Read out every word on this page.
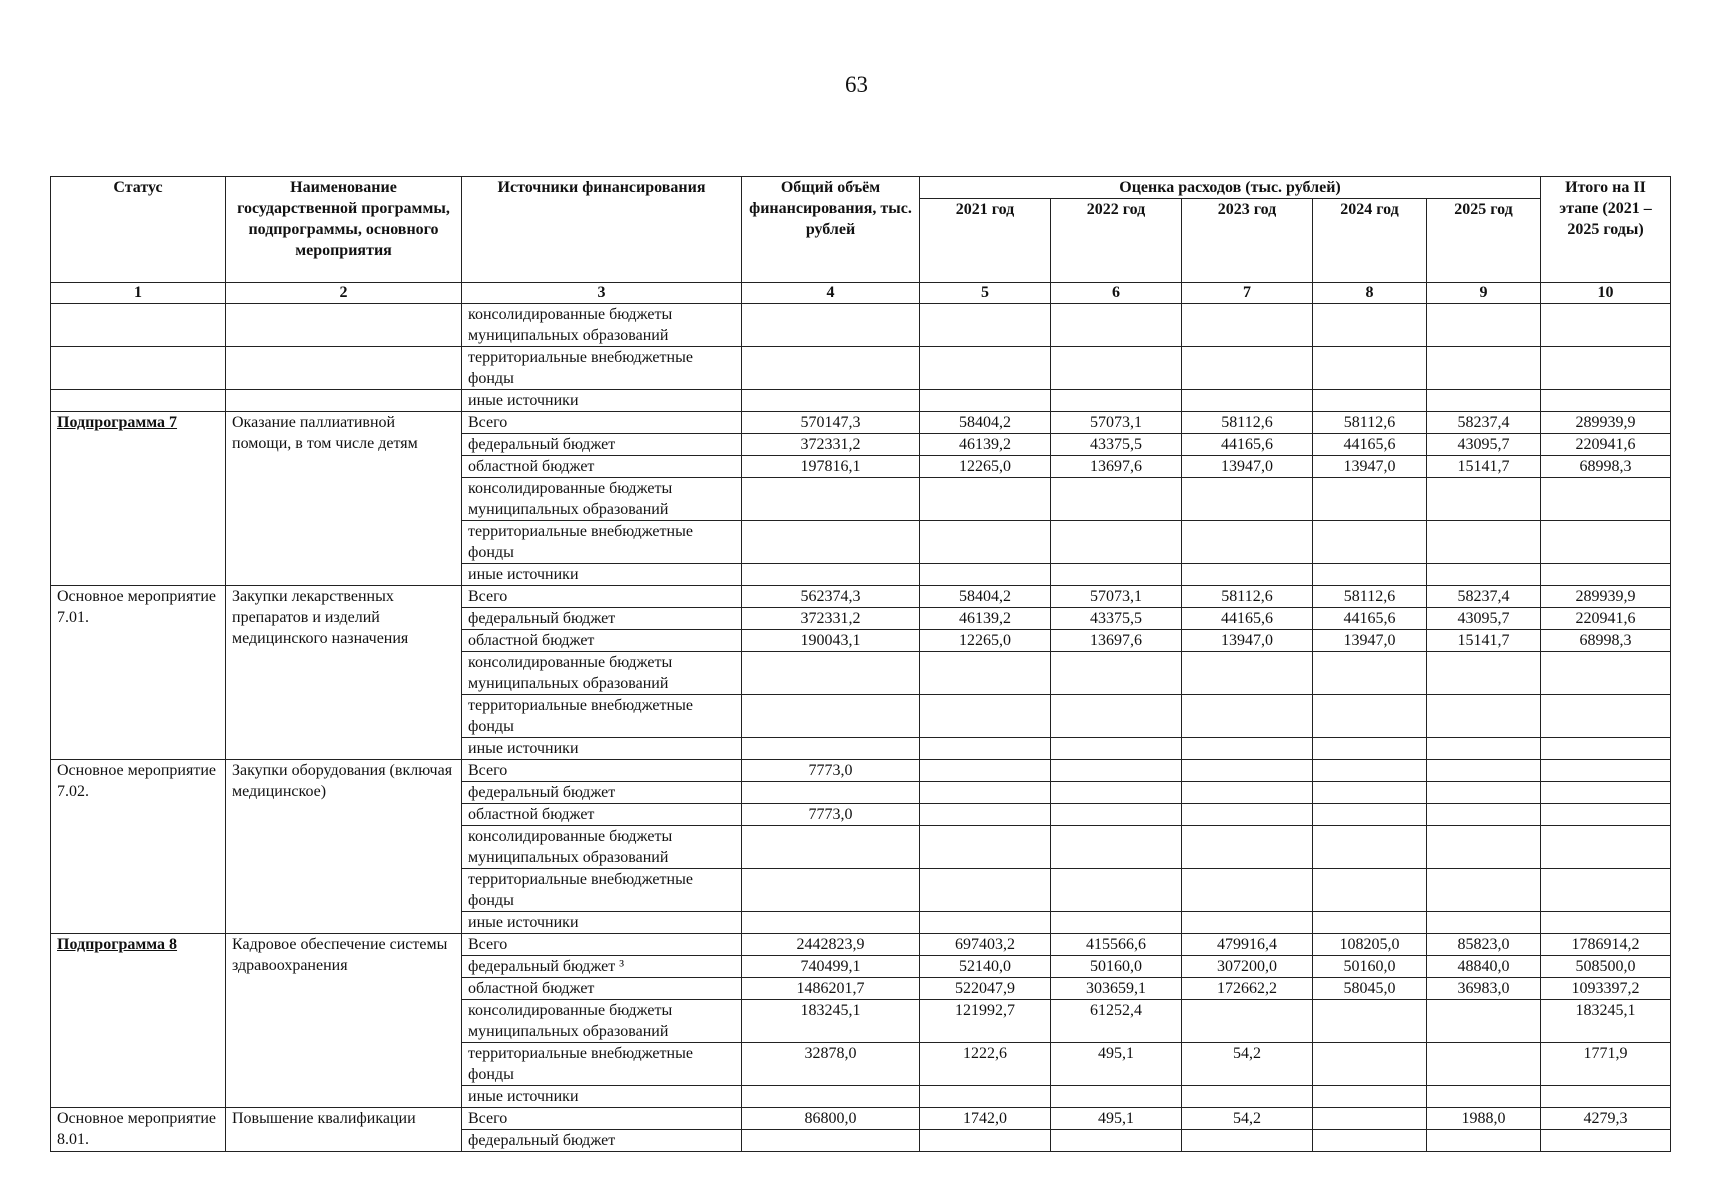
63
Статус	Наименование государственной программы, подпрограммы, основного мероприятия	Источники финансирования	Общий объём финансирования, тыс. рублей	Оценка расходов (тыс. рублей)					Итого на II этапе (2021 – 2025 годы)
				2021 год	2022 год	2023 год	2024 год	2025 год	
1	2	3	4	5	6	7	8	9	10
		консолидированные бюджеты муниципальных образований							
		территориальные внебюджетные фонды							
		иные источники							
Подпрограмма 7	Оказание паллиативной помощи, в том числе детям	Всего	570147,3	58404,2	57073,1	58112,6	58112,6	58237,4	289939,9
		федеральный бюджет	372331,2	46139,2	43375,5	44165,6	44165,6	43095,7	220941,6
		областной бюджет	197816,1	12265,0	13697,6	13947,0	13947,0	15141,7	68998,3
		консолидированные бюджеты муниципальных образований							
		территориальные внебюджетные фонды							
		иные источники							
Основное мероприятие 7.01.	Закупки лекарственных препаратов и изделий медицинского назначения	Всего	562374,3	58404,2	57073,1	58112,6	58112,6	58237,4	289939,9
		федеральный бюджет	372331,2	46139,2	43375,5	44165,6	44165,6	43095,7	220941,6
		областной бюджет	190043,1	12265,0	13697,6	13947,0	13947,0	15141,7	68998,3
		консолидированные бюджеты муниципальных образований							
		территориальные внебюджетные фонды							
		иные источники							
Основное мероприятие 7.02.	Закупки оборудования (включая медицинское)	Всего	7773,0						
		федеральный бюджет							
		областной бюджет	7773,0						
		консолидированные бюджеты муниципальных образований							
		территориальные внебюджетные фонды							
		иные источники							
Подпрограмма 8	Кадровое обеспечение системы здравоохранения	Всего	2442823,9	697403,2	415566,6	479916,4	108205,0	85823,0	1786914,2
		федеральный бюджет ³	740499,1	52140,0	50160,0	307200,0	50160,0	48840,0	508500,0
		областной бюджет	1486201,7	522047,9	303659,1	172662,2	58045,0	36983,0	1093397,2
		консолидированные бюджеты муниципальных образований	183245,1	121992,7	61252,4				183245,1
		территориальные внебюджетные фонды	32878,0	1222,6	495,1	54,2			1771,9
		иные источники							
Основное мероприятие 8.01.	Повышение квалификации	Всего	86800,0	1742,0	495,1	54,2		1988,0	4279,3
		федеральный бюджет							
